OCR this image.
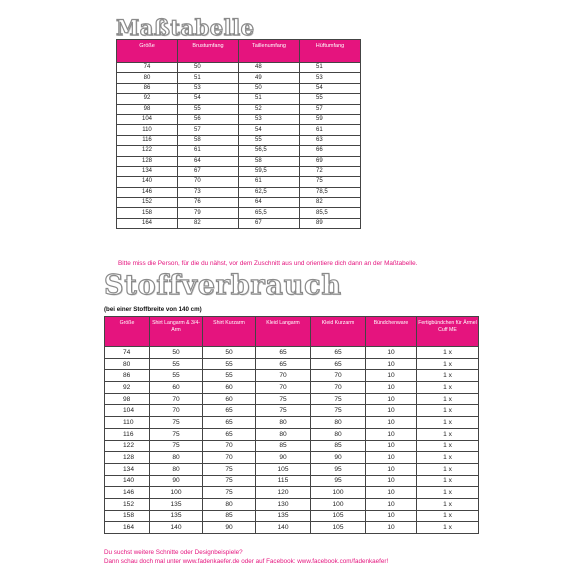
Maßtabelle
Größe	Brustumfang	Taillenumfang	Hüftumfang
74	50	48	51
80	51	49	53
86	53	50	54
92	54	51	55
98	55	52	57
104	56	53	59
110	57	54	61
116	58	55	63
122	61	56,5	66
128	64	58	69
134	67	59,5	72
140	70	61	75
146	73	62,5	78,5
152	76	64	82
158	79	65,5	85,5
164	82	67	89
Bitte miss die Person, für die du nähst, vor dem Zuschnitt aus und orientiere dich dann an der Maßtabelle.
Stoffverbrauch
(bei einer Stoffbreite von 140 cm)
Größe	Shirt Langarm & 3/4-Arm	Shirt Kurzarm	Kleid Langarm	Kleid Kurzarm	Bündchenware	Fertigbündchen für Ärmel Cuff ME
74	50	50	65	65	10	1 x
80	55	55	65	65	10	1 x
86	55	55	70	70	10	1 x
92	60	60	70	70	10	1 x
98	70	60	75	75	10	1 x
104	70	65	75	75	10	1 x
110	75	65	80	80	10	1 x
116	75	65	80	80	10	1 x
122	75	70	85	85	10	1 x
128	80	70	90	90	10	1 x
134	80	75	105	95	10	1 x
140	90	75	115	95	10	1 x
146	100	75	120	100	10	1 x
152	135	80	130	100	10	1 x
158	135	85	135	105	10	1 x
164	140	90	140	105	10	1 x
Du suchst weitere Schnitte oder Designbeispiele?
Dann schau doch mal unter www.fadenkaefer.de oder auf Facebook: www.facebook.com/fadenkaefer!
